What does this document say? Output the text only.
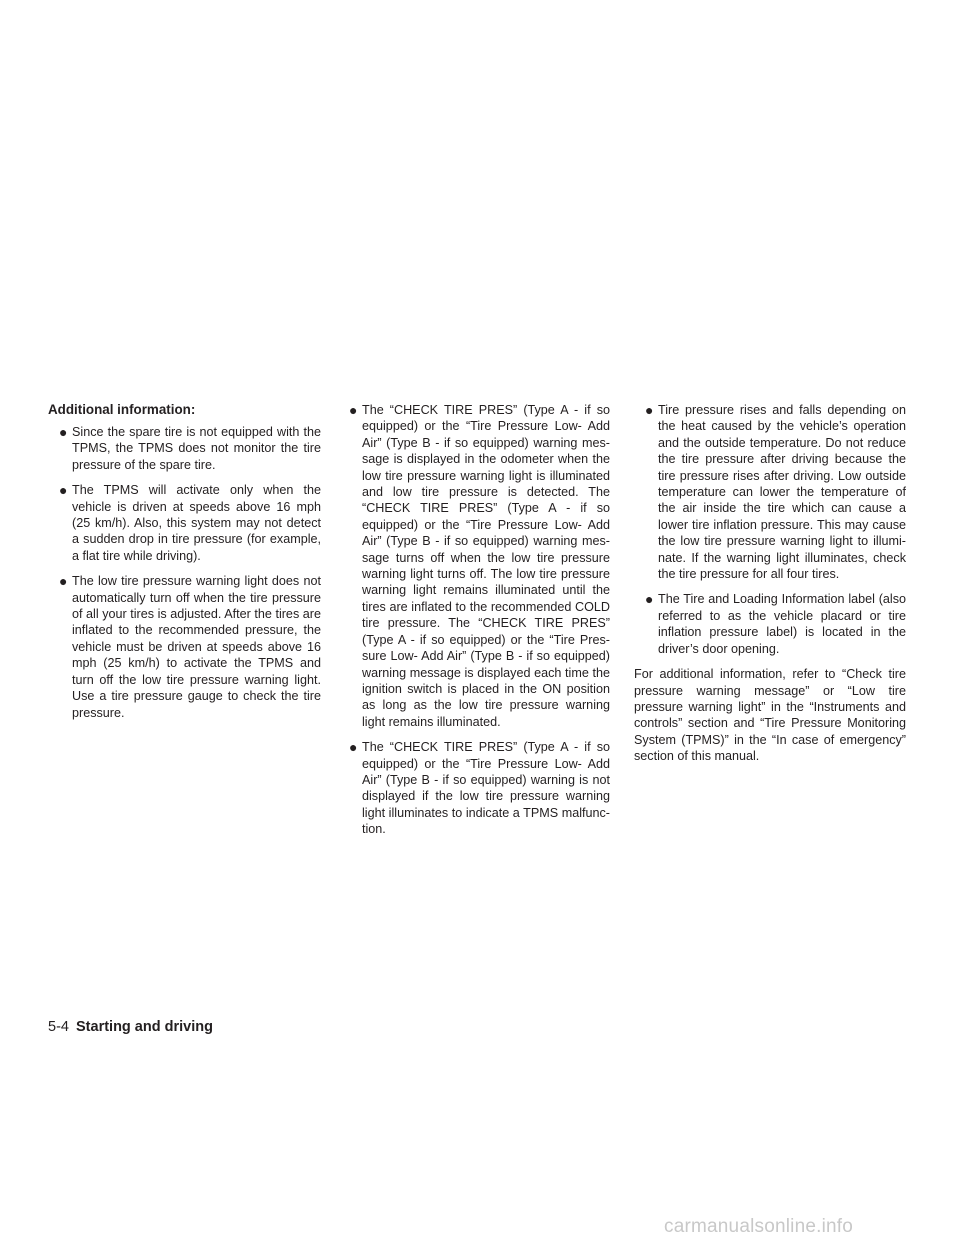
Additional information:
● Since the spare tire is not equipped with the TPMS, the TPMS does not monitor the tire pressure of the spare tire.
● The TPMS will activate only when the vehicle is driven at speeds above 16 mph (25 km/h). Also, this system may not detect a sudden drop in tire pressure (for example, a flat tire while driving).
● The low tire pressure warning light does not automatically turn off when the tire pressure of all your tires is adjusted. After the tires are inflated to the recommended pressure, the vehicle must be driven at speeds above 16 mph (25 km/h) to activate the TPMS and turn off the low tire pressure warning light. Use a tire pressure gauge to check the tire pressure.
● The “CHECK TIRE PRES” (Type A - if so equipped) or the “Tire Pressure Low- Add Air” (Type B - if so equipped) warning mes-sage is displayed in the odometer when the low tire pressure warning light is illuminated and low tire pressure is detected. The “CHECK TIRE PRES” (Type A - if so equipped) or the “Tire Pressure Low- Add Air” (Type B - if so equipped) warning mes-sage turns off when the low tire pressure warning light turns off. The low tire pressure warning light remains illuminated until the tires are inflated to the recommended COLD tire pressure. The “CHECK TIRE PRES” (Type A - if so equipped) or the “Tire Pres-sure Low- Add Air” (Type B - if so equipped) warning message is displayed each time the ignition switch is placed in the ON position as long as the low tire pressure warning light remains illuminated.
● The “CHECK TIRE PRES” (Type A - if so equipped) or the “Tire Pressure Low- Add Air” (Type B - if so equipped) warning is not displayed if the low tire pressure warning light illuminates to indicate a TPMS malfunc-tion.
● Tire pressure rises and falls depending on the heat caused by the vehicle’s operation and the outside temperature. Do not reduce the tire pressure after driving because the tire pressure rises after driving. Low outside temperature can lower the temperature of the air inside the tire which can cause a lower tire inflation pressure. This may cause the low tire pressure warning light to illumi-nate. If the warning light illuminates, check the tire pressure for all four tires.
● The Tire and Loading Information label (also referred to as the vehicle placard or tire inflation pressure label) is located in the driver’s door opening.

For additional information, refer to “Check tire pressure warning message” or “Low tire pressure warning light” in the “Instruments and controls” section and “Tire Pressure Monitoring System (TPMS)” in the “In case of emergency” section of this manual.

5-4 Starting and driving
carmanualsonline.info
